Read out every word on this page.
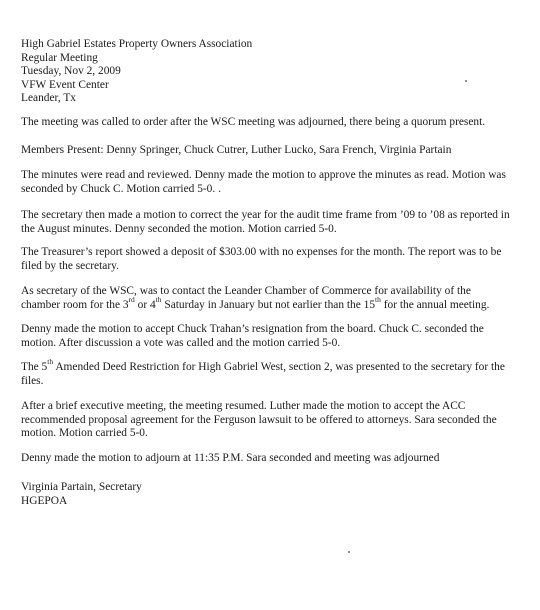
High Gabriel Estates Property Owners Association
Regular Meeting
Tuesday, Nov 2, 2009
VFW Event Center
Leander, Tx
The meeting was called to order after the WSC meeting was adjourned, there being a quorum present.
Members Present: Denny Springer, Chuck Cutrer, Luther Lucko, Sara French, Virginia Partain
The minutes were read and reviewed. Denny made the motion to approve the minutes as read. Motion was
seconded by Chuck C. Motion carried 5-0. .
The secretary then made a motion to correct the year for the audit time frame from ’09 to ’08 as reported in
the August minutes. Denny seconded the motion. Motion carried 5-0.
The Treasurer’s report showed a deposit of $303.00 with no expenses for the month. The report was to be
filed by the secretary.
As secretary of the WSC, was to contact the Leander Chamber of Commerce for availability of the
chamber room for the 3rd or 4th Saturday in January but not earlier than the 15th for the annual meeting.
Denny made the motion to accept Chuck Trahan’s resignation from the board. Chuck C. seconded the
motion. After discussion a vote was called and the motion carried 5-0.
The 5th Amended Deed Restriction for High Gabriel West, section 2, was presented to the secretary for the
files.
After a brief executive meeting, the meeting resumed. Luther made the motion to accept the ACC
recommended proposal agreement for the Ferguson lawsuit to be offered to attorneys. Sara seconded the
motion. Motion carried 5-0.
Denny made the motion to adjourn at 11:35 P.M. Sara seconded and meeting was adjourned
Virginia Partain, Secretary
HGEPOA
